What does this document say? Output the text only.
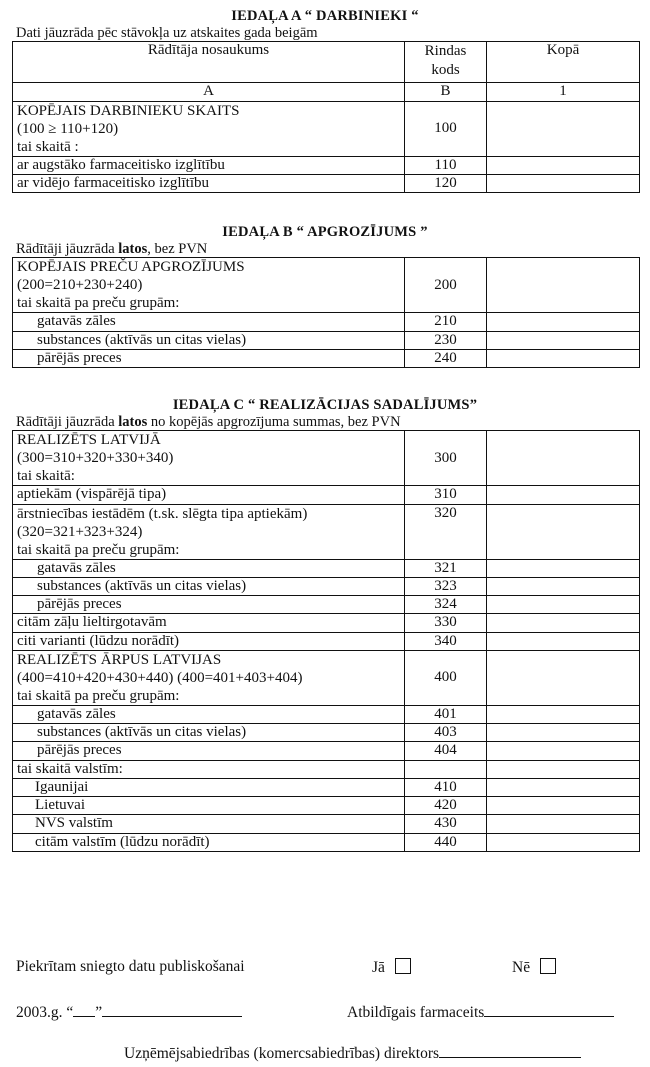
IEDAĻA A “ DARBINIEKI “

Dati jāuzrāda pēc stāvokļa uz atskaites gada beigām

Rādītāja nosaukums	Rindas kods	Kopā
A	B	1

KOPĒJAIS DARBINIEKU SKAITS
(100 ≥ 110+120)
tai skaitā :	100	
ar augstāko farmaceitisko izglītību	110	
ar vidējo farmaceitisko izglītību	120	

IEDAĻA B “ APGROZĪJUMS ”

Rādītāji jāuzrāda latos, bez PVN

KOPĒJAIS PREČU APGROZĪJUMS
(200=210+230+240)
tai skaitā pa preču grupām:	200	
gatavās zāles	210	
substances (aktīvās un citas vielas)	230	
pārējās preces	240	

IEDAĻA C “ REALIZĀCIJAS SADALĪJUMS”

Rādītāji jāuzrāda latos no kopējās apgrozījuma summas, bez PVN

REALIZĒTS LATVIJĀ
(300=310+320+330+340)
tai skaitā:	300	
aptiekām (vispārējā tipa)	310	

ārstniecības iestādēm (t.sk. slēgta tipa aptiekām)
(320=321+323+324)
tai skaitā pa preču grupām:	320	
gatavās zāles	321	
substances (aktīvās un citas vielas)	323	
pārējās preces	324	
citām zāļu lieltirgotavām	330	
citi varianti (lūdzu norādīt)	340	

REALIZĒTS ĀRPUS LATVIJAS
(400=410+420+430+440) (400=401+403+404)
tai skaitā pa preču grupām:	400	
gatavās zāles	401	
substances (aktīvās un citas vielas)	403	
pārējās preces	404	
tai skaitā valstīm:		
Igaunijai	410	
Lietuvai	420	
NVS valstīm	430	
citām valstīm (lūdzu norādīt)	440	
Piekrītam sniegto datu publiskošanai	Jā	Nē
2003.g. “ ”	Atbildīgais farmaceits
Uzņēmējsabiedrības (komercsabiedrības) direktors
